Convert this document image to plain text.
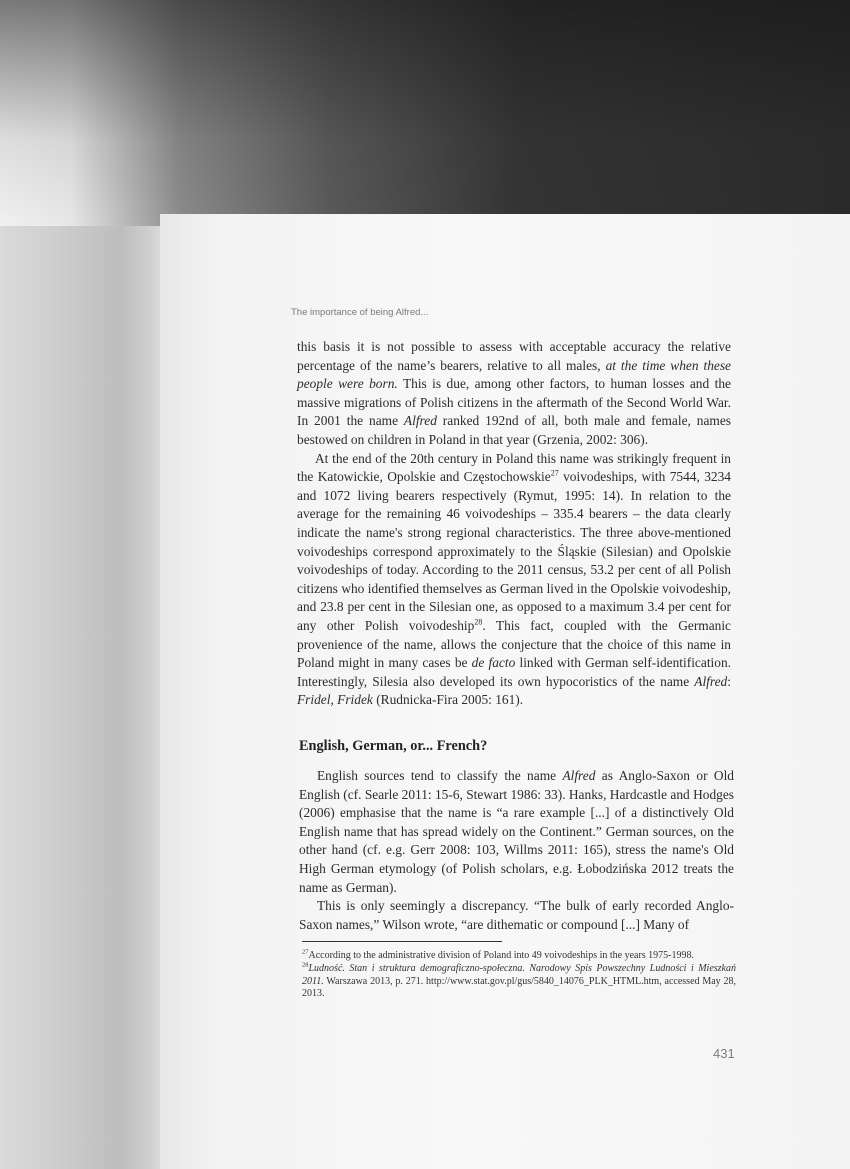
The importance of being Alfred...

this basis it is not possible to assess with acceptable accuracy the relative percentage of the name’s bearers, relative to all males, at the time when these people were born. This is due, among other factors, to human losses and the massive migrations of Polish citizens in the aftermath of the Second World War. In 2001 the name Alfred ranked 192nd of all, both male and female, names bestowed on children in Poland in that year (Grzenia, 2002: 306).

At the end of the 20th century in Poland this name was strikingly frequent in the Katowickie, Opolskie and Częstochowskie$^{27}$ voivodeships, with 7544, 3234 and 1072 living bearers respectively (Rymut, 1995: 14). In relation to the average for the remaining 46 voivodeships – 335.4 bearers – the data clearly indicate the name's strong regional characteristics. The three above-mentioned voivodeships correspond approximately to the Śląskie (Silesian) and Opolskie voivodeships of today. According to the 2011 census, 53.2 per cent of all Polish citizens who identified themselves as German lived in the Opolskie voivodeship, and 23.8 per cent in the Silesian one, as opposed to a maximum 3.4 per cent for any other Polish voivodeship$^{28}$. This fact, coupled with the Germanic provenience of the name, allows the conjecture that the choice of this name in Poland might in many cases be de facto linked with German self-identification. Interestingly, Silesia also developed its own hypocoristics of the name Alfred: Fridel, Fridek (Rudnicka-Fira 2005: 161).

English, German, or... French?

English sources tend to classify the name Alfred as Anglo-Saxon or Old English (cf. Searle 2011: 15-6, Stewart 1986: 33). Hanks, Hardcastle and Hodges (2006) emphasise that the name is “a rare example [...] of a distinctively Old English name that has spread widely on the Continent.” German sources, on the other hand (cf. e.g. Gerr 2008: 103, Willms 2011: 165), stress the name's Old High German etymology (of Polish scholars, e.g. Łobodzińska 2012 treats the name as German).

This is only seemingly a discrepancy. “The bulk of early recorded Anglo-Saxon names,” Wilson wrote, “are dithematic or compound [...] Many of

$^{27}$According to the administrative division of Poland into 49 voivodeships in the years 1975-1998.

$^{28}$Ludność. Stan i struktura demograficzno-społeczna. Narodowy Spis Powszechny Ludności i Mieszkań 2011. Warszawa 2013, p. 271. http://www.stat.gov.pl/gus/5840_14076_PLK_HTML.htm, accessed May 28, 2013.

431
